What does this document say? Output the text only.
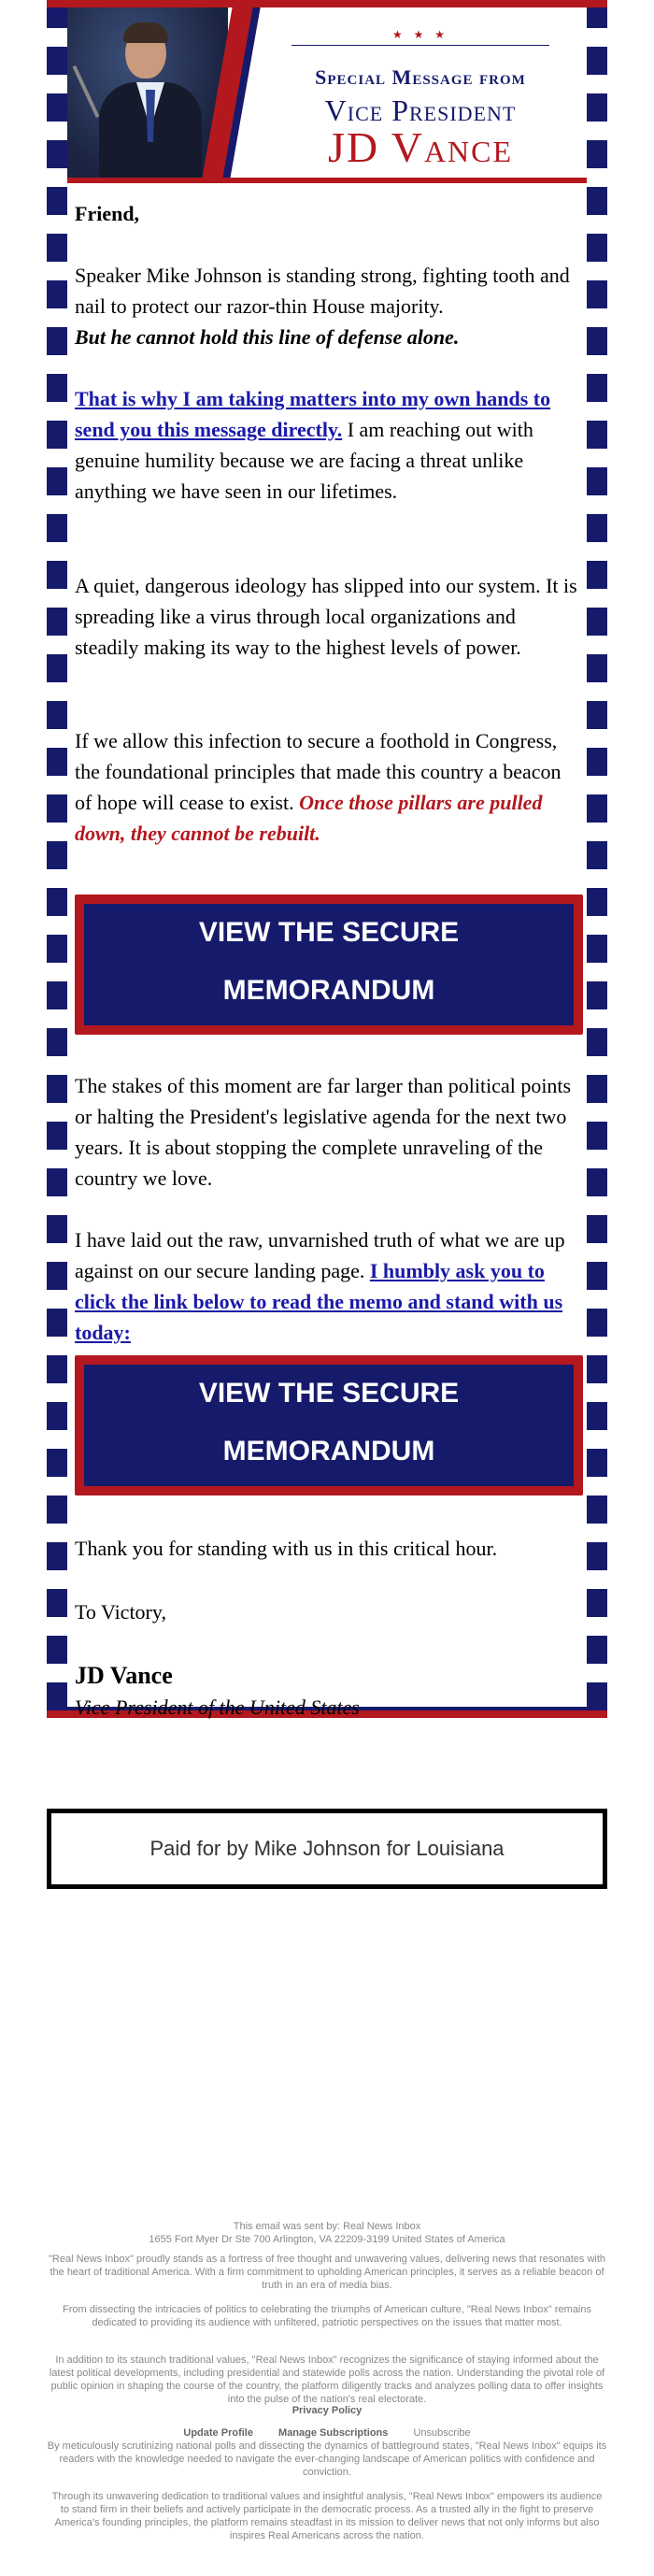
★ ★ ★
Special Message from
Vice President
JD Vance
Friend,

Speaker Mike Johnson is standing strong, fighting tooth and nail to protect our razor-thin House majority.
But he cannot hold this line of defense alone.

That is why I am taking matters into my own hands to send you this message directly. I am reaching out with genuine humility because we are facing a threat unlike anything we have seen in our lifetimes.

A quiet, dangerous ideology has slipped into our system. It is spreading like a virus through local organizations and steadily making its way to the highest levels of power.

If we allow this infection to secure a foothold in Congress, the foundational principles that made this country a beacon of hope will cease to exist. Once those pillars are pulled down, they cannot be rebuilt.

VIEW THE SECURE
MEMORANDUM
The stakes of this moment are far larger than political points or halting the President's legislative agenda for the next two years. It is about stopping the complete unraveling of the country we love.

I have laid out the raw, unvarnished truth of what we are up against on our secure landing page. I humbly ask you to click the link below to read the memo and stand with us today:

VIEW THE SECURE
MEMORANDUM
Thank you for standing with us in this critical hour.
To Victory,
JD Vance
Vice President of the United States
Paid for by Mike Johnson for Louisiana
This email was sent by: Real News Inbox
1655 Fort Myer Dr Ste 700 Arlington, VA 22209-3199 United States of America
"Real News Inbox" proudly stands as a fortress of free thought and unwavering values, delivering news that resonates with the heart of traditional America. With a firm commitment to upholding American principles, it serves as a reliable beacon of truth in an era of media bias.
From dissecting the intricacies of politics to celebrating the triumphs of American culture, "Real News Inbox" remains dedicated to providing its audience with unfiltered, patriotic perspectives on the issues that matter most.
In addition to its staunch traditional values, "Real News Inbox" recognizes the significance of staying informed about the latest political developments, including presidential and statewide polls across the nation. Understanding the pivotal role of public opinion in shaping the course of the country, the platform diligently tracks and analyzes polling data to offer insights into the pulse of the nation's real electorate.
Privacy Policy
Update Profile Manage Subscriptions Unsubscribe
By meticulously scrutinizing national polls and dissecting the dynamics of battleground states, "Real News Inbox" equips its readers with the knowledge needed to navigate the ever-changing landscape of American politics with confidence and conviction.
Through its unwavering dedication to traditional values and insightful analysis, "Real News Inbox" empowers its audience to stand firm in their beliefs and actively participate in the democratic process. As a trusted ally in the fight to preserve America's founding principles, the platform remains steadfast in its mission to deliver news that not only informs but also inspires Real Americans across the nation.
